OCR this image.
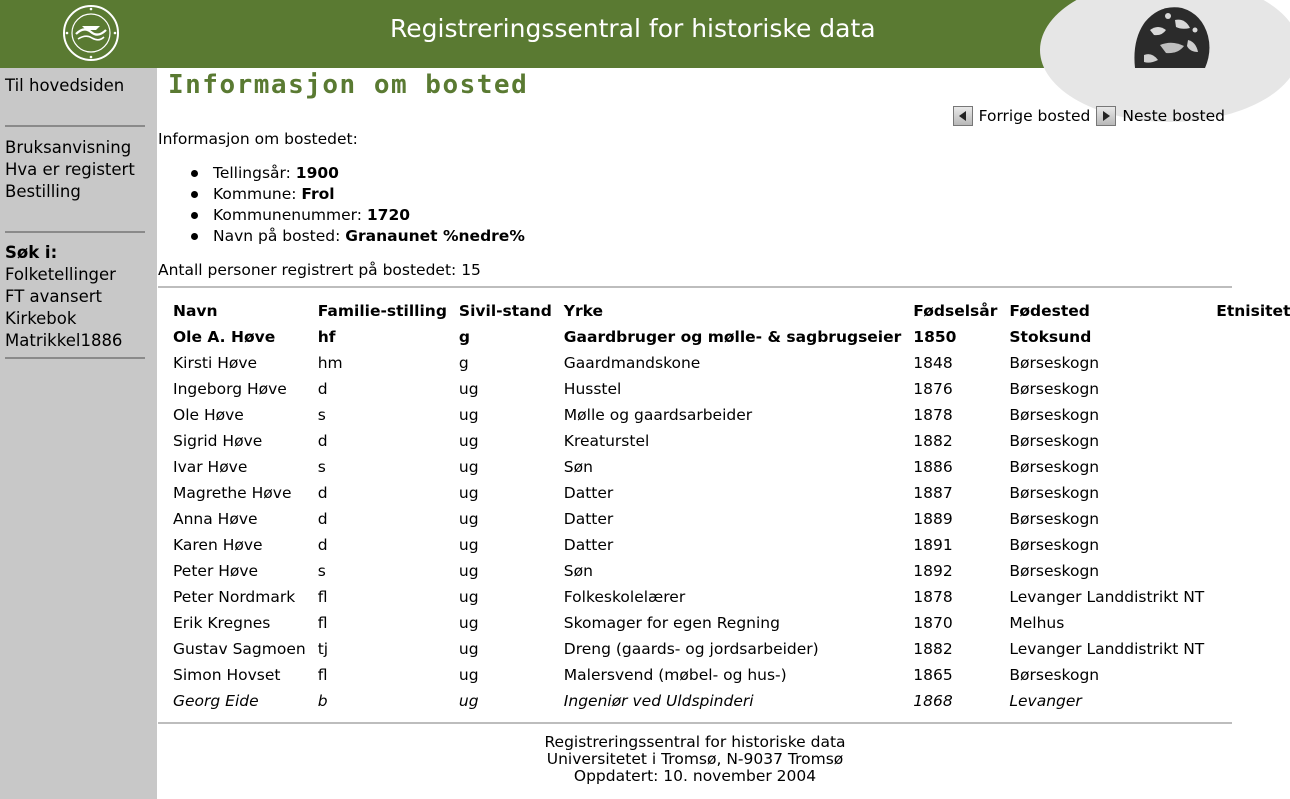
Registreringssentral for historiske data
Til hovedsiden
Bruksanvisning
Hva er registert
Bestilling
Søk i:
Folketellinger
FT avansert
Kirkebok
Matrikkel1886
Informasjon om bosted
Forrige bosted Neste bosted
Informasjon om bostedet:
Tellingsår: 1900
Kommune: Frol
Kommunenummer: 1720
Navn på bosted: Granaunet %nedre%
Antall personer registrert på bostedet: 15
Navn	Familie-stilling	Sivil-stand	Yrke	Fødselsår	Fødested	Etnisitet
Ole A. Høve	hf	g	Gaardbruger og mølle- & sagbrugseier	1850	Stoksund	
Kirsti Høve	hm	g	Gaardmandskone	1848	Børseskogn	
Ingeborg Høve	d	ug	Husstel	1876	Børseskogn	
Ole Høve	s	ug	Mølle og gaardsarbeider	1878	Børseskogn	
Sigrid Høve	d	ug	Kreaturstel	1882	Børseskogn	
Ivar Høve	s	ug	Søn	1886	Børseskogn	
Magrethe Høve	d	ug	Datter	1887	Børseskogn	
Anna Høve	d	ug	Datter	1889	Børseskogn	
Karen Høve	d	ug	Datter	1891	Børseskogn	
Peter Høve	s	ug	Søn	1892	Børseskogn	
Peter Nordmark	fl	ug	Folkeskolelærer	1878	Levanger Landdistrikt NT	
Erik Kregnes	fl	ug	Skomager for egen Regning	1870	Melhus	
Gustav Sagmoen	tj	ug	Dreng (gaards- og jordsarbeider)	1882	Levanger Landdistrikt NT	
Simon Hovset	fl	ug	Malersvend (møbel- og hus-)	1865	Børseskogn	
Georg Eide	b	ug	Ingeniør ved Uldspinderi	1868	Levanger	
Registreringssentral for historiske data
Universitetet i Tromsø, N-9037 Tromsø
Oppdatert: 10. november 2004
